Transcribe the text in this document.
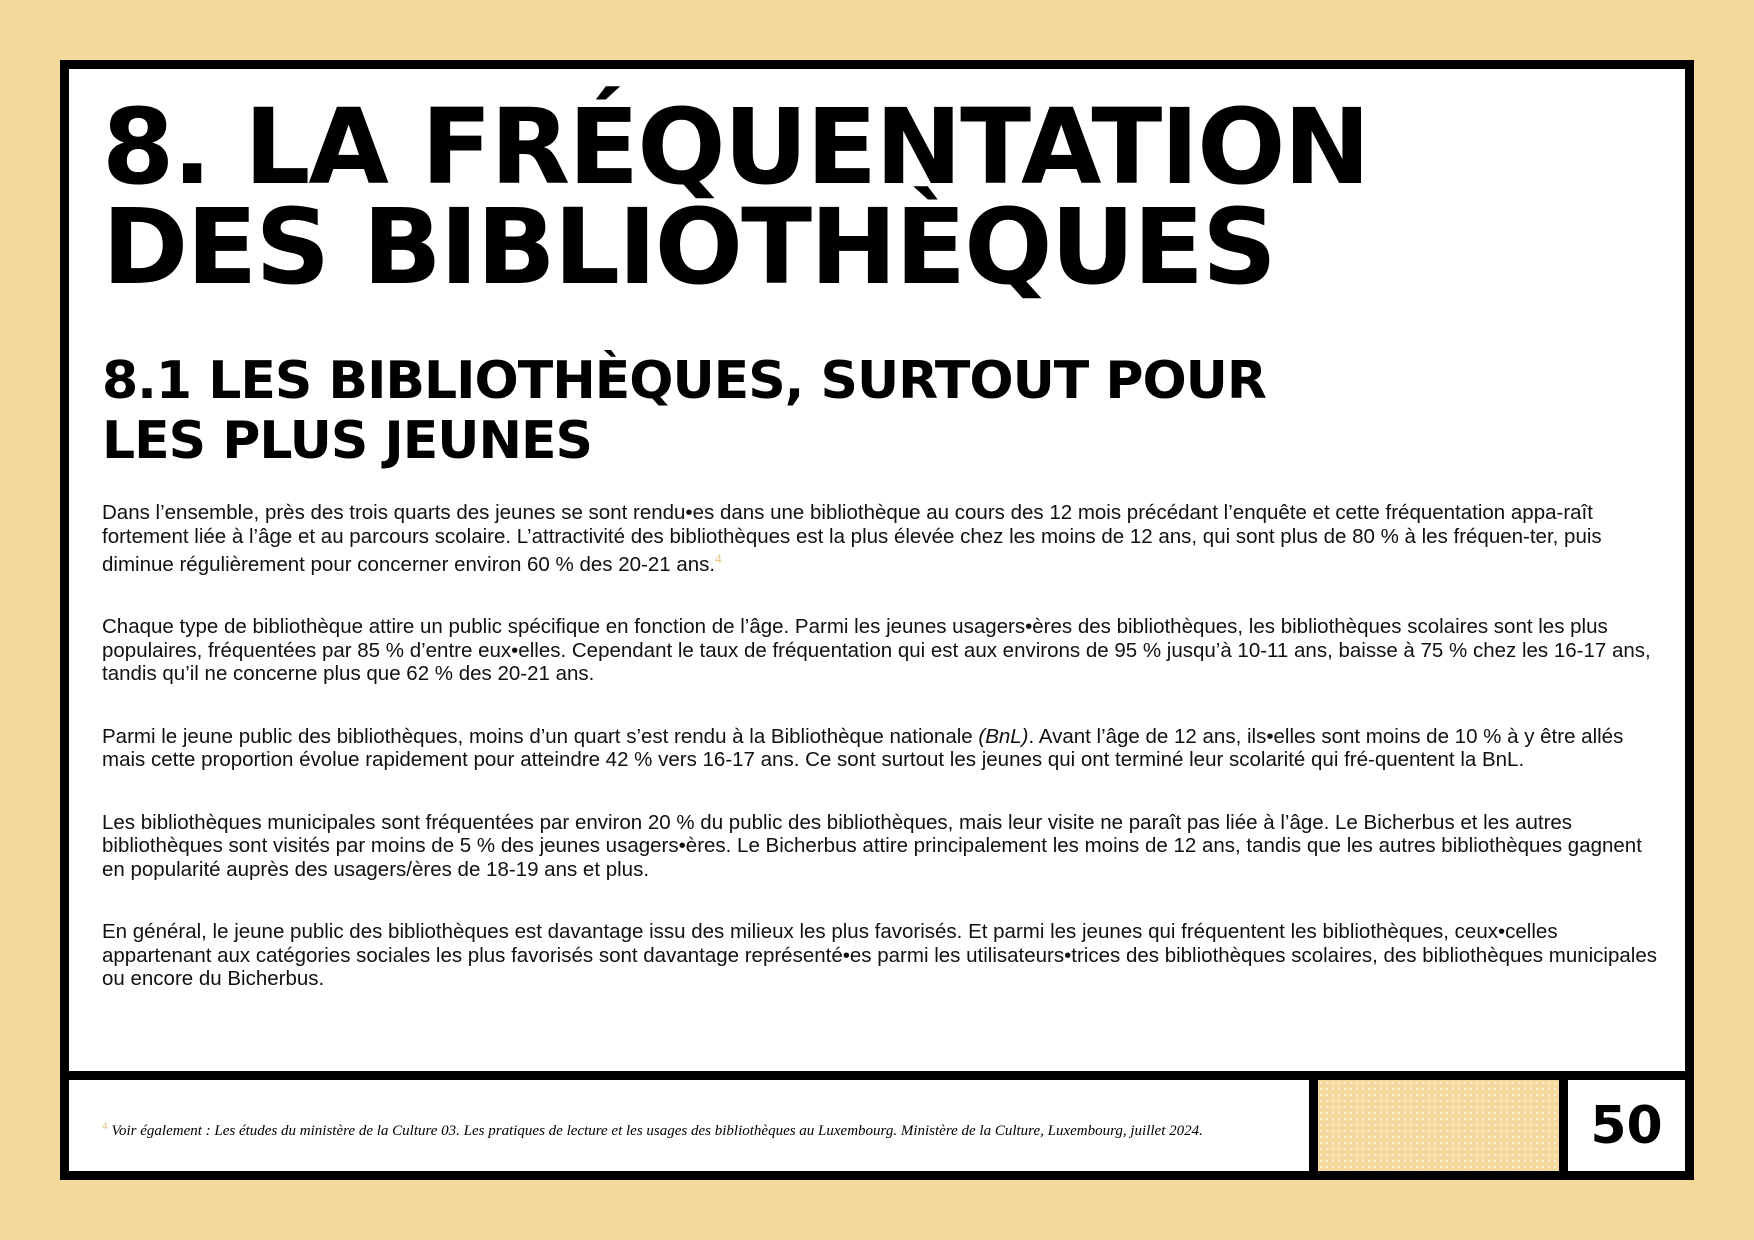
8. LA FRÉQUENTATION
DES BIBLIOTHÈQUES
8.1 LES BIBLIOTHÈQUES, SURTOUT POUR
LES PLUS JEUNES

Dans l’ensemble, près des trois quarts des jeunes se sont rendu•es dans une bibliothèque au cours des 12 mois précédant l’enquête et cette fréquentation appa-raît fortement liée à l’âge et au parcours scolaire. L’attractivité des bibliothèques est la plus élevée chez les moins de 12 ans, qui sont plus de 80 % à les fréquen-ter, puis diminue régulièrement pour concerner environ 60 % des 20-21 ans.$^4$

Chaque type de bibliothèque attire un public spécifique en fonction de l’âge. Parmi les jeunes usagers•ères des bibliothèques, les bibliothèques scolaires sont les plus populaires, fréquentées par 85 % d’entre eux•elles. Cependant le taux de fréquentation qui est aux environs de 95 % jusqu’à 10-11 ans, baisse à 75 % chez les 16-17 ans, tandis qu’il ne concerne plus que 62 % des 20-21 ans.

Parmi le jeune public des bibliothèques, moins d’un quart s’est rendu à la Bibliothèque nationale (BnL). Avant l’âge de 12 ans, ils•elles sont moins de 10 % à y être allés mais cette proportion évolue rapidement pour atteindre 42 % vers 16-17 ans. Ce sont surtout les jeunes qui ont terminé leur scolarité qui fré-quentent la BnL.

Les bibliothèques municipales sont fréquentées par environ 20 % du public des bibliothèques, mais leur visite ne paraît pas liée à l’âge. Le Bicherbus et les autres bibliothèques sont visités par moins de 5 % des jeunes usagers•ères. Le Bicherbus attire principalement les moins de 12 ans, tandis que les autres bibliothèques gagnent en popularité auprès des usagers/ères de 18-19 ans et plus.

En général, le jeune public des bibliothèques est davantage issu des milieux les plus favorisés. Et parmi les jeunes qui fréquentent les bibliothèques, ceux•celles appartenant aux catégories sociales les plus favorisés sont davantage représenté•es parmi les utilisateurs•trices des bibliothèques scolaires, des bibliothèques municipales ou encore du Bicherbus.

$^4$ Voir également : Les études du ministère de la Culture 03. Les pratiques de lecture et les usages des bibliothèques au Luxembourg. Ministère de la Culture, Luxembourg, juillet 2024.	50
